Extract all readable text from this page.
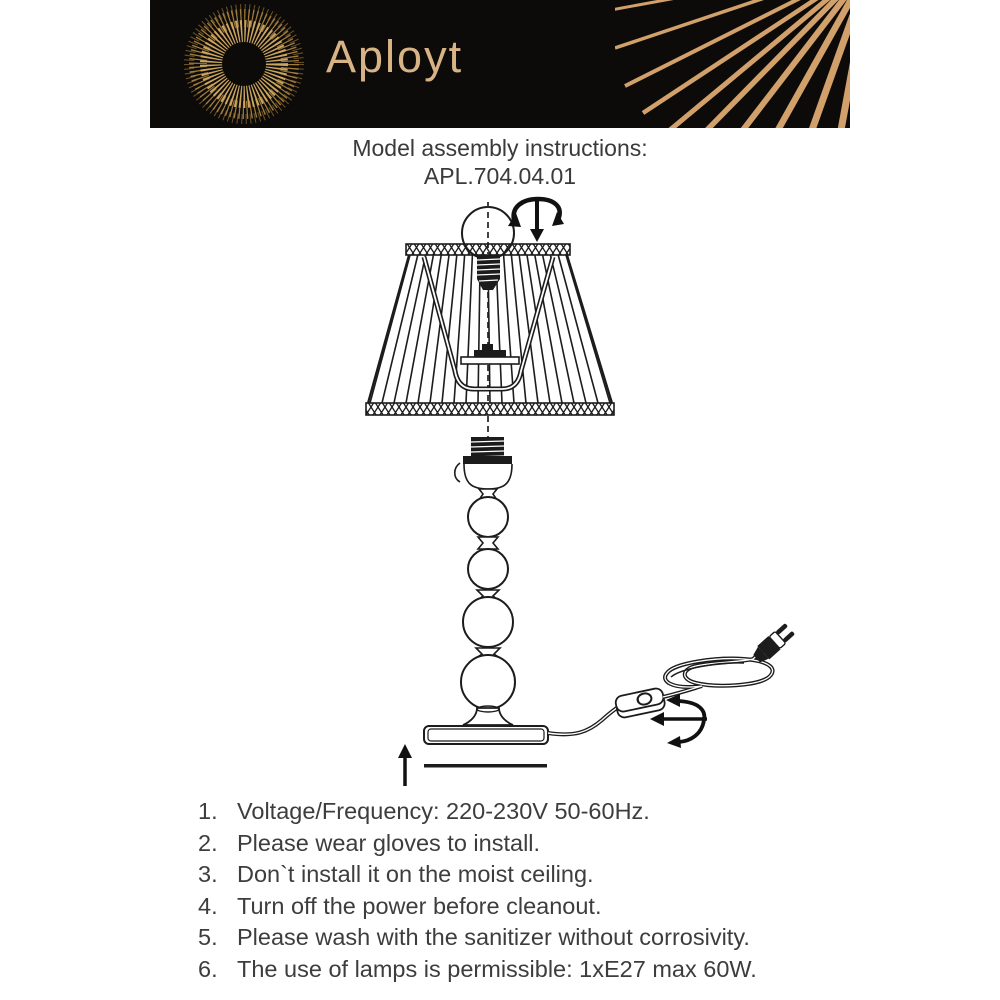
Aployt
Model assembly instructions:
APL.704.04.01
1. Voltage/Frequency: 220-230V 50-60Hz.
2. Please wear gloves to install.
3. Don`t install it on the moist ceiling.
4. Turn off the power before cleanout.
5. Please wash with the sanitizer without corrosivity.
6. The use of lamps is permissible: 1xE27 max 60W.
